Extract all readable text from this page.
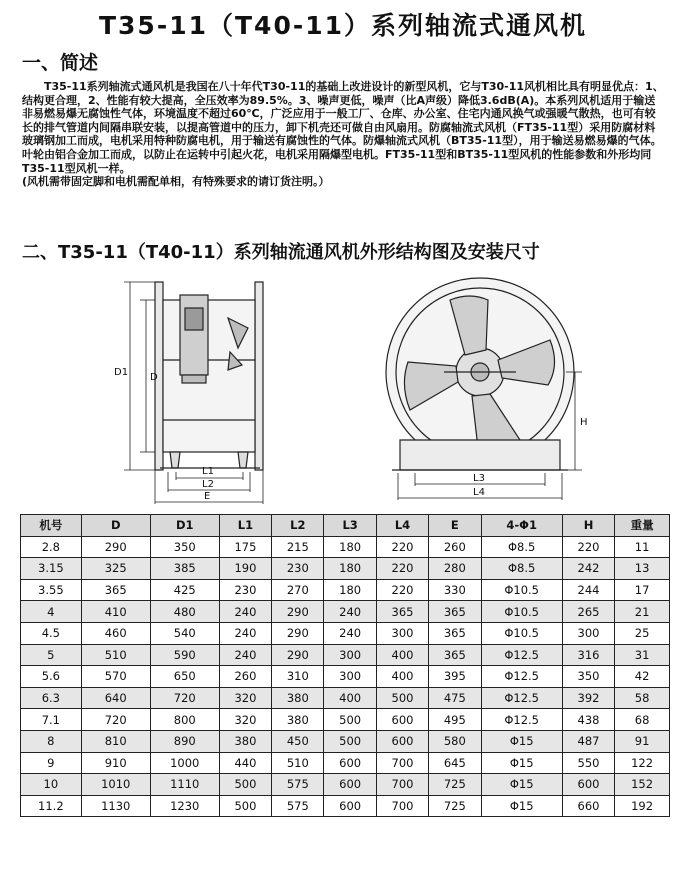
T35-11（T40-11）系列轴流式通风机
一、简述

T35-11系列轴流式通风机是我国在八十年代T30-11的基础上改进设计的新型风机，它与T30-11风机相比具有明显优点：1、结构更合理，2、性能有较大提高，全压效率为89.5%。3、噪声更低，噪声（比A声级）降低3.6dB(A)。本系列风机适用于输送非易燃易爆无腐蚀性气体，环境温度不超过60℃，广泛应用于一般工厂、仓库、办公室、住宅内通风换气或强暖气散热，也可有较长的排气管道内间隔串联安装，以提高管道中的压力，卸下机壳还可做自由风扇用。防腐轴流式风机（FT35-11型）采用防腐材料玻璃钢加工而成，电机采用特种防腐电机，用于输送有腐蚀性的气体。防爆轴流式风机（BT35-11型），用于输送易燃易爆的气体。叶轮由铝合金加工而成，以防止在运转中引起火花，电机采用隔爆型电机。FT35-11型和BT35-11型风机的性能参数和外形均同T35-11型风机一样。

(风机需带固定脚和电机需配单相，有特殊要求的请订货注明。）

二、T35-11（T40-11）系列轴流通风机外形结构图及安装尺寸
D
D1
L1
L2
E
H
L3
L4
机号	D	D1	L1	L2	L3	L4	E	4-Φ1	H	重量
2.8	290	350	175	215	180	220	260	Φ8.5	220	11
3.15	325	385	190	230	180	220	280	Φ8.5	242	13
3.55	365	425	230	270	180	220	330	Φ10.5	244	17
4	410	480	240	290	240	365	365	Φ10.5	265	21
4.5	460	540	240	290	240	300	365	Φ10.5	300	25
5	510	590	240	290	300	400	365	Φ12.5	316	31
5.6	570	650	260	310	300	400	395	Φ12.5	350	42
6.3	640	720	320	380	400	500	475	Φ12.5	392	58
7.1	720	800	320	380	500	600	495	Φ12.5	438	68
8	810	890	380	450	500	600	580	Φ15	487	91
9	910	1000	440	510	600	700	645	Φ15	550	122
10	1010	1110	500	575	600	700	725	Φ15	600	152
11.2	1130	1230	500	575	600	700	725	Φ15	660	192
